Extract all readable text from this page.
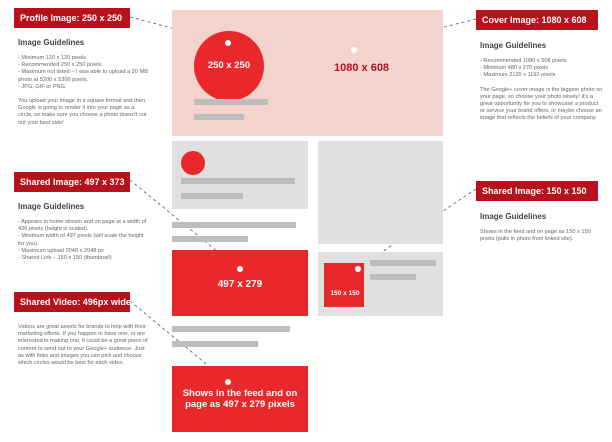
1080 x 608
250 x 250
497 x 279
150 x 150
Shows in the feed and on page as 497 x 279 pixels
Profile Image: 250 x 250
Image Guidelines
- Minimum 120 x 120 pixels.
- Recommended 250 x 250 pixels.
- Maximum not listed – I was able to upload a 20 MB photo at 5200 x 5300 pixels.
- JPG, GIF or PNG.

You upload your image in a square format and then Google is going to render it into your page as a circle, so make sure you choose a photo doesn't cut out your best side!

Shared Image: 497 x 373
Image Guidelines
- Appears in home stream and on page at a width of 426 pixels (height is scaled).
- Minimum width of 497 pixels (will scale the height for you).
- Maximum upload 2048 x 2048 px
- Shared Link – 150 x 150 (thumbnail)
Shared Video: 496px wide
Videos are great assets for brands to help with their marketing efforts. If you happen to have one, or are interested in making one, it could be a great piece of content to send out to your Google+ audience. Just as with links and images you can pick and choose which circles would be best for each video.
Cover Image: 1080 x 608
Image Guidelines
- Recommended 1080 x 608 pixels
- Minimum 480 x 270 pixels
- Maximum 2120 x 1192 pixels

The Google+ cover image is the biggest photo on your page, so choose your photo wisely! It's a great opportunity for you to showcase a product or service your brand offers, or maybe choose an image that reflects the beliefs of your company.

Shared Image: 150 x 150
Image Guidelines
Shows in the feed and on page as 150 x 150 pixels (pulls in photo from linked site).
